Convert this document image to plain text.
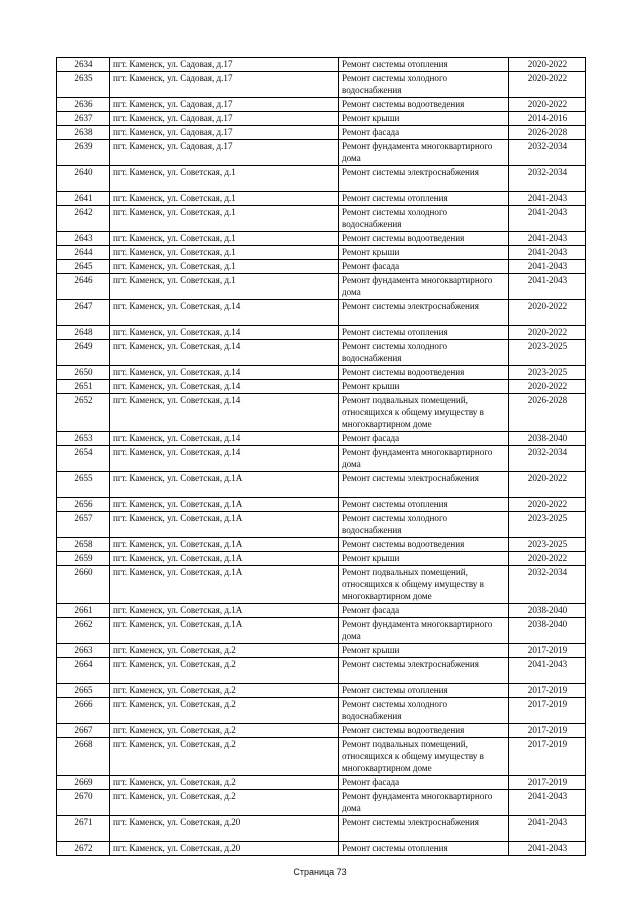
2634	пгт. Каменск, ул. Садовая, д.17	Ремонт системы отопления	2020-2022
2635	пгт. Каменск, ул. Садовая, д.17	Ремонт системы холодного водоснабжения	2020-2022
2636	пгт. Каменск, ул. Садовая, д.17	Ремонт системы водоотведения	2020-2022
2637	пгт. Каменск, ул. Садовая, д.17	Ремонт крыши	2014-2016
2638	пгт. Каменск, ул. Садовая, д.17	Ремонт фасада	2026-2028
2639	пгт. Каменск, ул. Садовая, д.17	Ремонт фундамента многоквартирного дома	2032-2034
2640	пгт. Каменск, ул. Советская, д.1	Ремонт системы электроснабжения	2032-2034
2641	пгт. Каменск, ул. Советская, д.1	Ремонт системы отопления	2041-2043
2642	пгт. Каменск, ул. Советская, д.1	Ремонт системы холодного водоснабжения	2041-2043
2643	пгт. Каменск, ул. Советская, д.1	Ремонт системы водоотведения	2041-2043
2644	пгт. Каменск, ул. Советская, д.1	Ремонт крыши	2041-2043
2645	пгт. Каменск, ул. Советская, д.1	Ремонт фасада	2041-2043
2646	пгт. Каменск, ул. Советская, д.1	Ремонт фундамента многоквартирного дома	2041-2043
2647	пгт. Каменск, ул. Советская, д.14	Ремонт системы электроснабжения	2020-2022
2648	пгт. Каменск, ул. Советская, д.14	Ремонт системы отопления	2020-2022
2649	пгт. Каменск, ул. Советская, д.14	Ремонт системы холодного водоснабжения	2023-2025
2650	пгт. Каменск, ул. Советская, д.14	Ремонт системы водоотведения	2023-2025
2651	пгт. Каменск, ул. Советская, д.14	Ремонт крыши	2020-2022
2652	пгт. Каменск, ул. Советская, д.14	Ремонт подвальных помещений, относящихся к общему имуществу в многоквартирном доме	2026-2028
2653	пгт. Каменск, ул. Советская, д.14	Ремонт фасада	2038-2040
2654	пгт. Каменск, ул. Советская, д.14	Ремонт фундамента многоквартирного дома	2032-2034
2655	пгт. Каменск, ул. Советская, д.1А	Ремонт системы электроснабжения	2020-2022
2656	пгт. Каменск, ул. Советская, д.1А	Ремонт системы отопления	2020-2022
2657	пгт. Каменск, ул. Советская, д.1А	Ремонт системы холодного водоснабжения	2023-2025
2658	пгт. Каменск, ул. Советская, д.1А	Ремонт системы водоотведения	2023-2025
2659	пгт. Каменск, ул. Советская, д.1А	Ремонт крыши	2020-2022
2660	пгт. Каменск, ул. Советская, д.1А	Ремонт подвальных помещений, относящихся к общему имуществу в многоквартирном доме	2032-2034
2661	пгт. Каменск, ул. Советская, д.1А	Ремонт фасада	2038-2040
2662	пгт. Каменск, ул. Советская, д.1А	Ремонт фундамента многоквартирного дома	2038-2040
2663	пгт. Каменск, ул. Советская, д.2	Ремонт крыши	2017-2019
2664	пгт. Каменск, ул. Советская, д.2	Ремонт системы электроснабжения	2041-2043
2665	пгт. Каменск, ул. Советская, д.2	Ремонт системы отопления	2017-2019
2666	пгт. Каменск, ул. Советская, д.2	Ремонт системы холодного водоснабжения	2017-2019
2667	пгт. Каменск, ул. Советская, д.2	Ремонт системы водоотведения	2017-2019
2668	пгт. Каменск, ул. Советская, д.2	Ремонт подвальных помещений, относящихся к общему имуществу в многоквартирном доме	2017-2019
2669	пгт. Каменск, ул. Советская, д.2	Ремонт фасада	2017-2019
2670	пгт. Каменск, ул. Советская, д.2	Ремонт фундамента многоквартирного дома	2041-2043
2671	пгт. Каменск, ул. Советская, д.20	Ремонт системы электроснабжения	2041-2043
2672	пгт. Каменск, ул. Советская, д.20	Ремонт системы отопления	2041-2043
Страница 73
